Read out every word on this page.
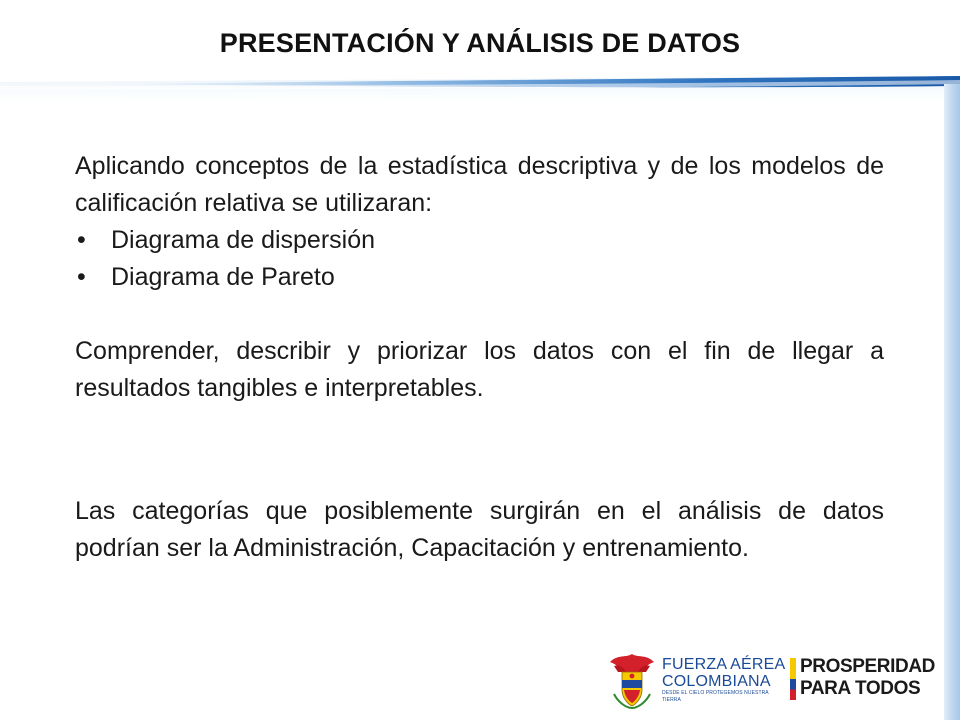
PRESENTACIÓN Y ANÁLISIS DE DATOS

Aplicando conceptos de la estadística descriptiva y de los modelos de calificación relativa se utilizaran:

• Diagrama de dispersión
• Diagrama de Pareto

Comprender, describir y priorizar los datos con el fin de llegar a resultados tangibles e interpretables.

Las categorías que posiblemente surgirán en el análisis de datos podrían ser la Administración, Capacitación y entrenamiento.

FUERZA AÉREA
COLOMBIANA
DESDE EL CIELO PROTEGEMOS NUESTRA TIERRA
PROSPERIDAD
PARA TODOS
